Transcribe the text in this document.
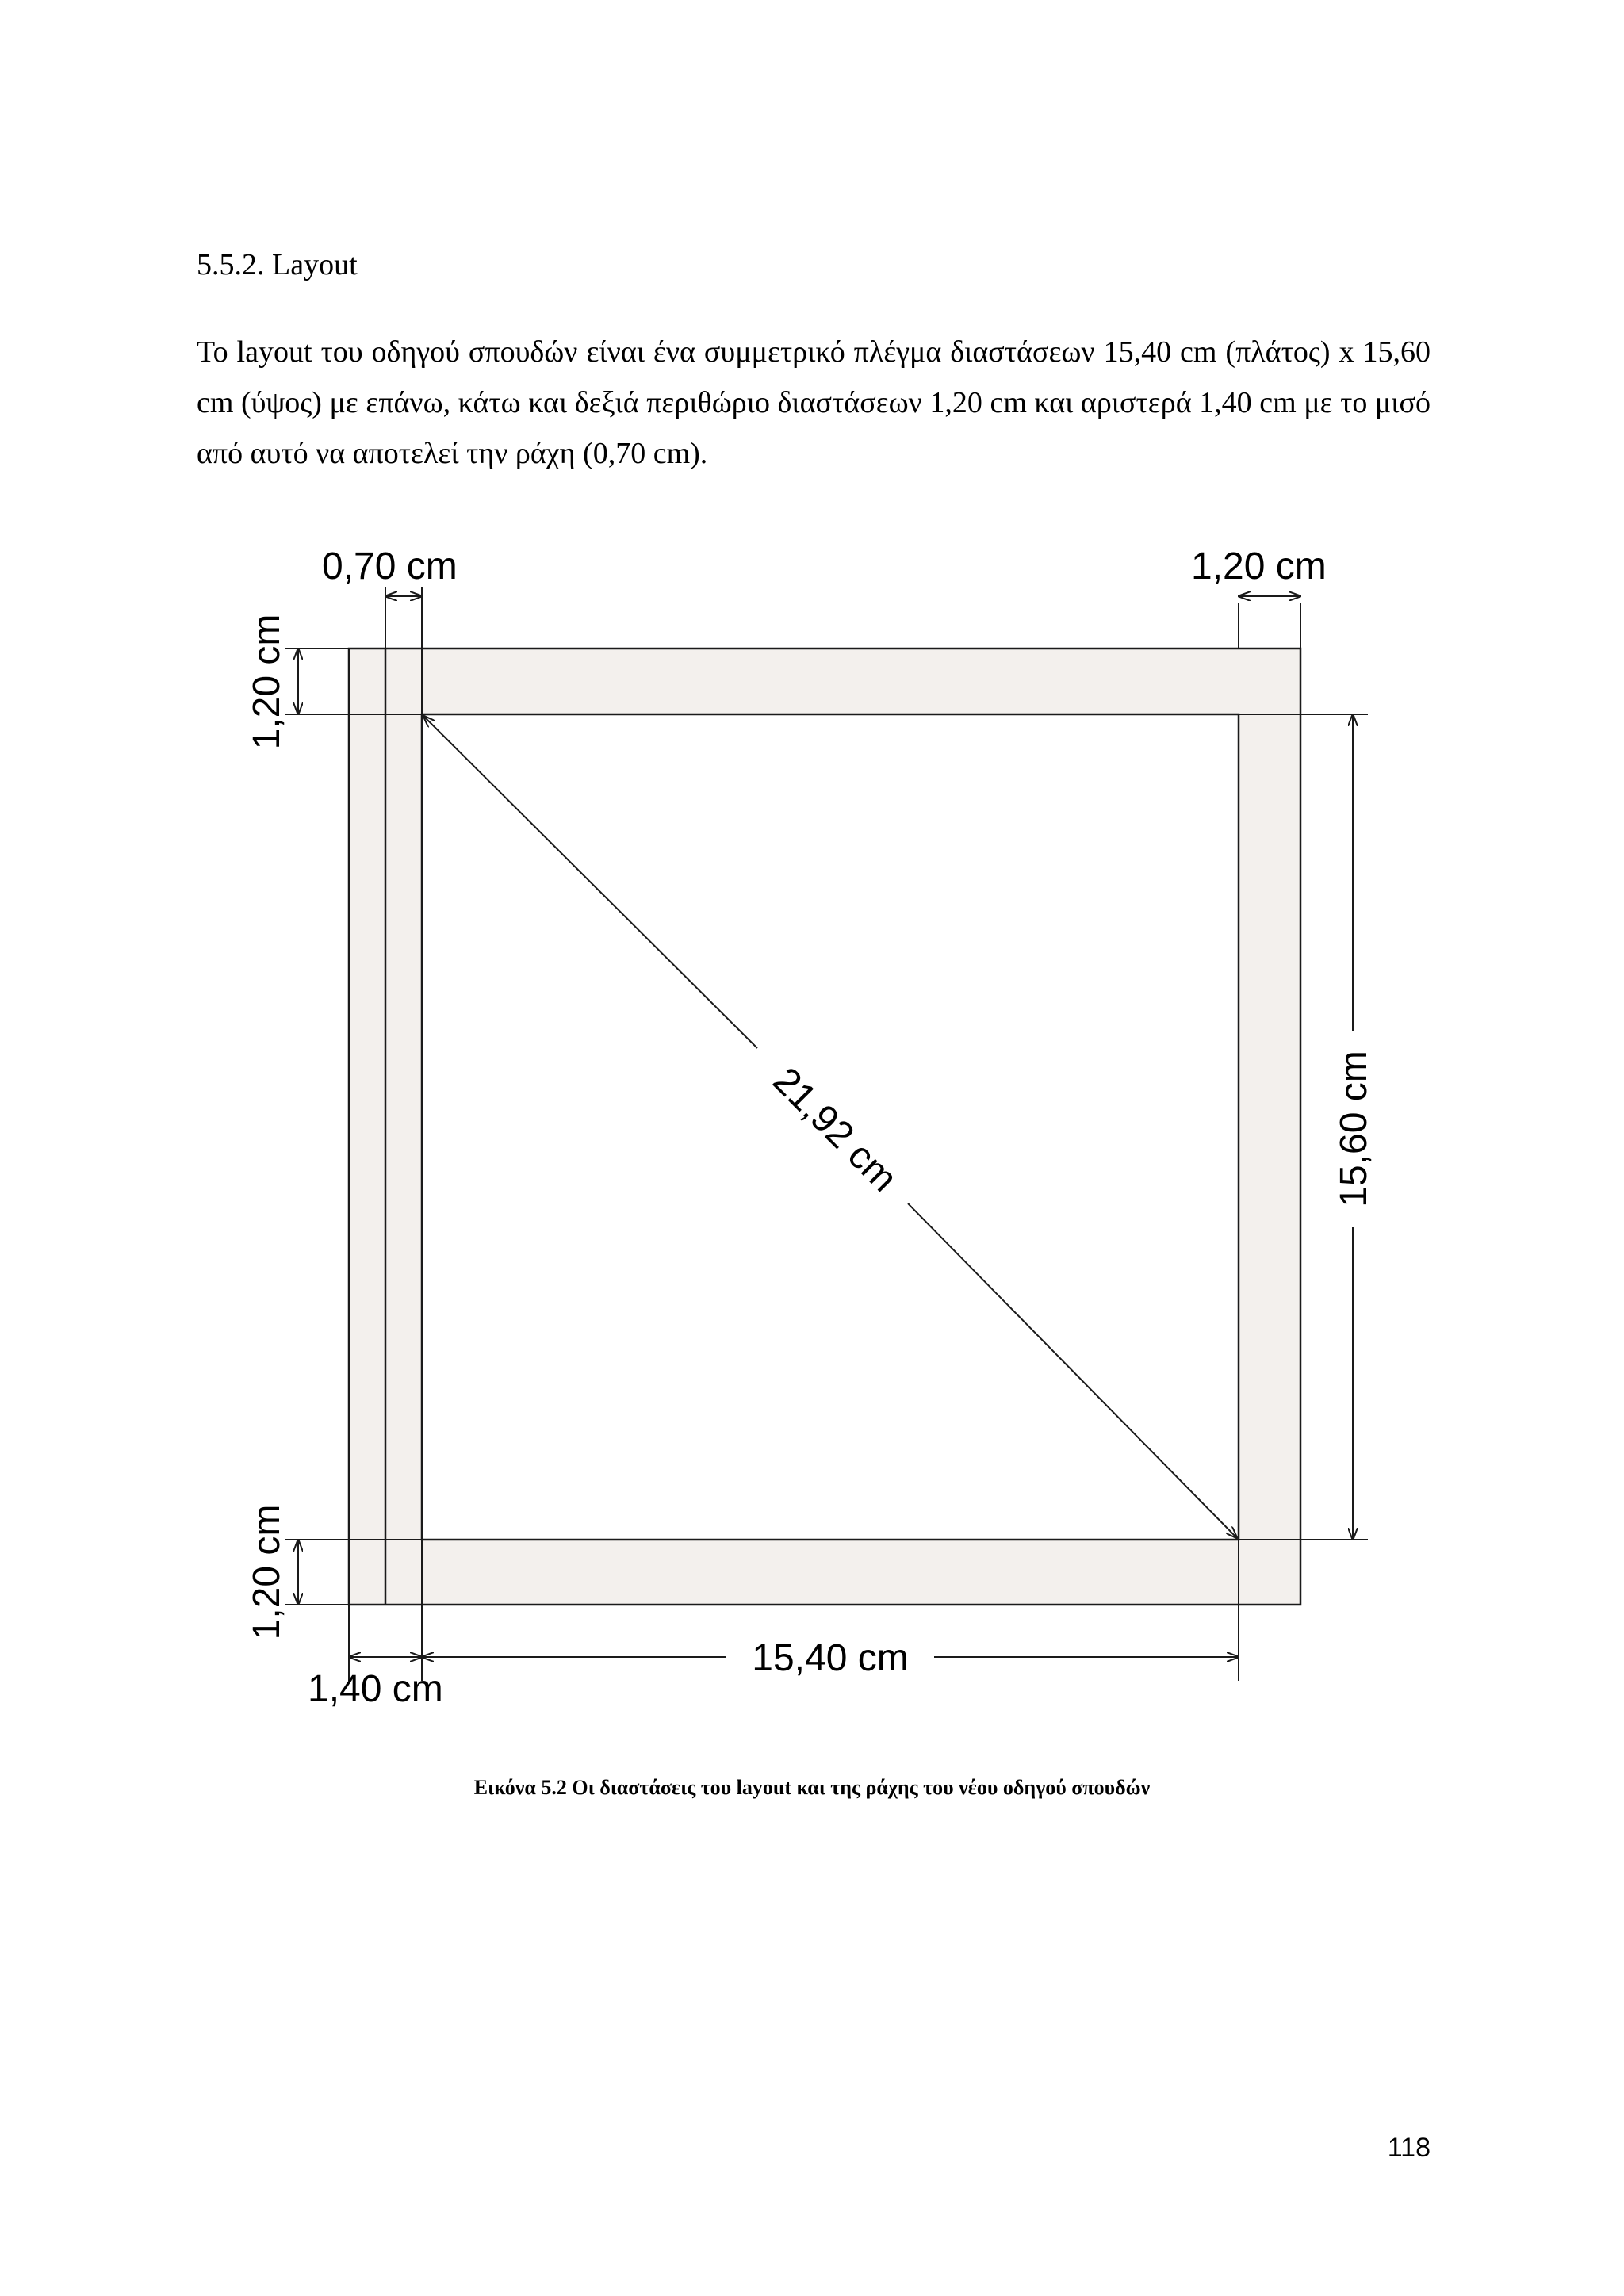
5.5.2. Layout

Το layout του οδηγού σπουδών είναι ένα συμμετρικό πλέγμα διαστάσεων 15,40 cm (πλάτος) x 15,60 cm (ύψος) με επάνω, κάτω και δεξιά περιθώριο διαστάσεων 1,20 cm και αριστερά 1,40 cm με το μισό από αυτό να αποτελεί την ράχη (0,70 cm).

0,70 cm	1,20 cm
1,20 cm
1,20 cm
15,60 cm
21,92 cm
15,40 cm
1,40 cm

Εικόνα 5.2 Οι διαστάσεις του layout και της ράχης του νέου οδηγού σπουδών

118
